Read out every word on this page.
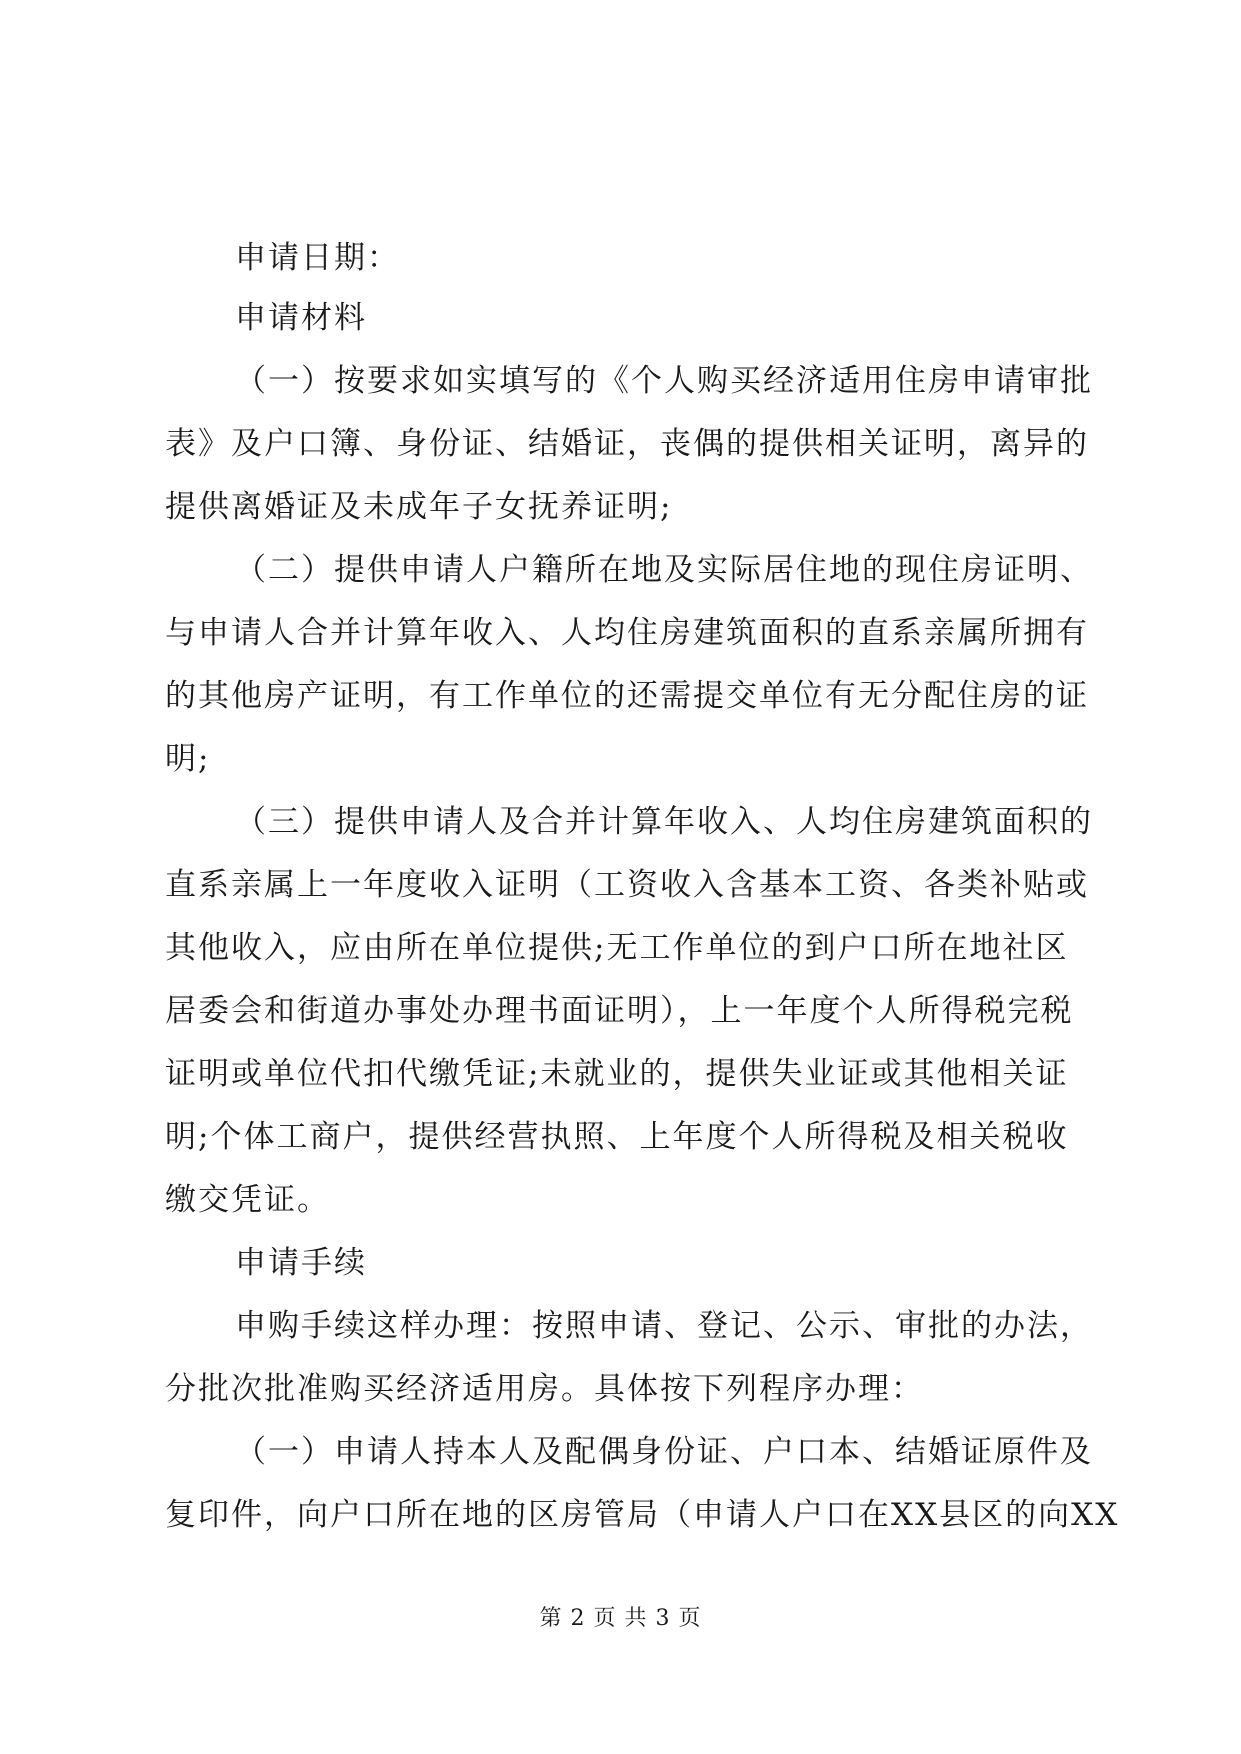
申请日期：
申请材料
（一）按要求如实填写的《个人购买经济适用住房申请审批
表》及户口簿、身份证、结婚证，丧偶的提供相关证明，离异的
提供离婚证及未成年子女抚养证明;
（二）提供申请人户籍所在地及实际居住地的现住房证明、
与申请人合并计算年收入、人均住房建筑面积的直系亲属所拥有
的其他房产证明，有工作单位的还需提交单位有无分配住房的证
明;
（三）提供申请人及合并计算年收入、人均住房建筑面积的
直系亲属上一年度收入证明（工资收入含基本工资、各类补贴或
其他收入，应由所在单位提供;无工作单位的到户口所在地社区
居委会和街道办事处办理书面证明），上一年度个人所得税完税
证明或单位代扣代缴凭证;未就业的，提供失业证或其他相关证
明;个体工商户，提供经营执照、上年度个人所得税及相关税收
缴交凭证。
申请手续
申购手续这样办理：按照申请、登记、公示、审批的办法，
分批次批准购买经济适用房。具体按下列程序办理：
（一）申请人持本人及配偶身份证、户口本、结婚证原件及
复印件，向户口所在地的区房管局（申请人户口在XX县区的向XX
第 2 页 共 3 页
